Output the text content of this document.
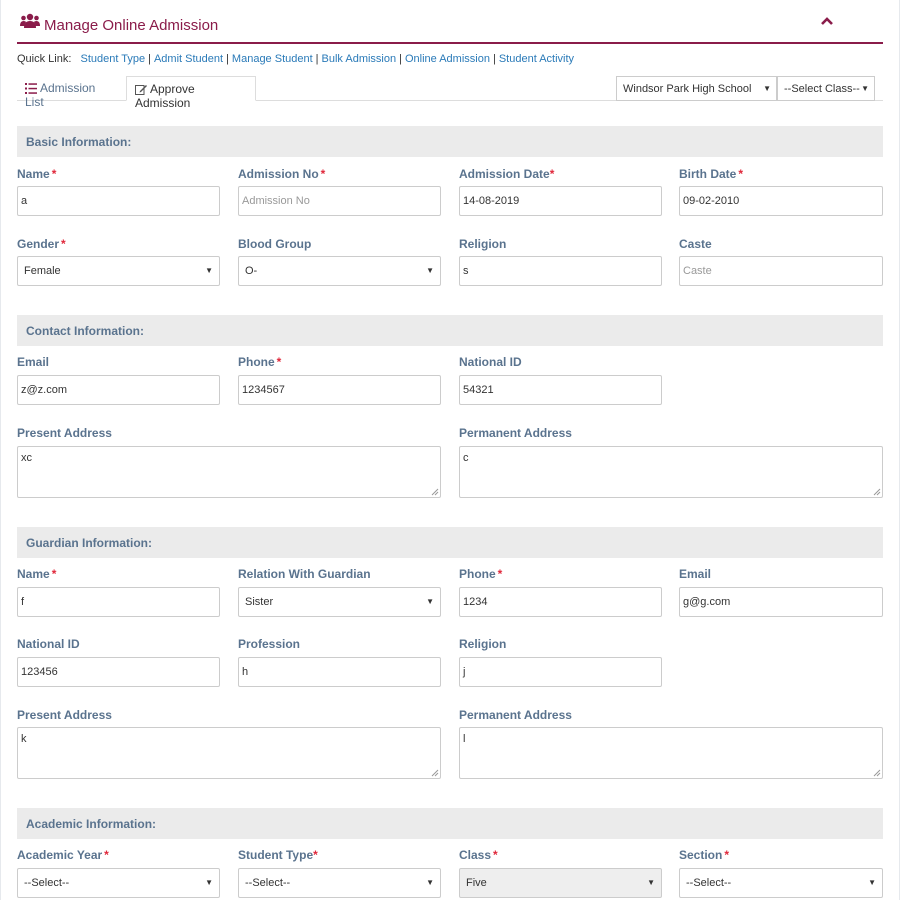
Manage Online Admission
Quick Link: Student Type | Admit Student | Manage Student | Bulk Admission | Online Admission | Student Activity
Admission List
Approve Admission
Windsor Park High School ▼	--Select Class-- ▼
Basic Information:
Name *	Admission No *	Admission Date*	Birth Date *
a	Admission No	14-08-2019	09-02-2010
Gender *	Blood Group	Religion	Caste
Female	▼	O-	▼	s	Caste
Contact Information:
Email	Phone *	National ID
z@z.com	1234567	54321
Present Address	Permanent Address
xc	c
Guardian Information:
Name *	Relation With Guardian	Phone *	Email
f	Sister	▼	1234	g@g.com
National ID	Profession	Religion
123456	h	j
Present Address	Permanent Address
k	l
Academic Information:
Academic Year *	Student Type*	Class *	Section *
--Select--	▼	--Select--	▼	Five	▼	--Select--	▼
